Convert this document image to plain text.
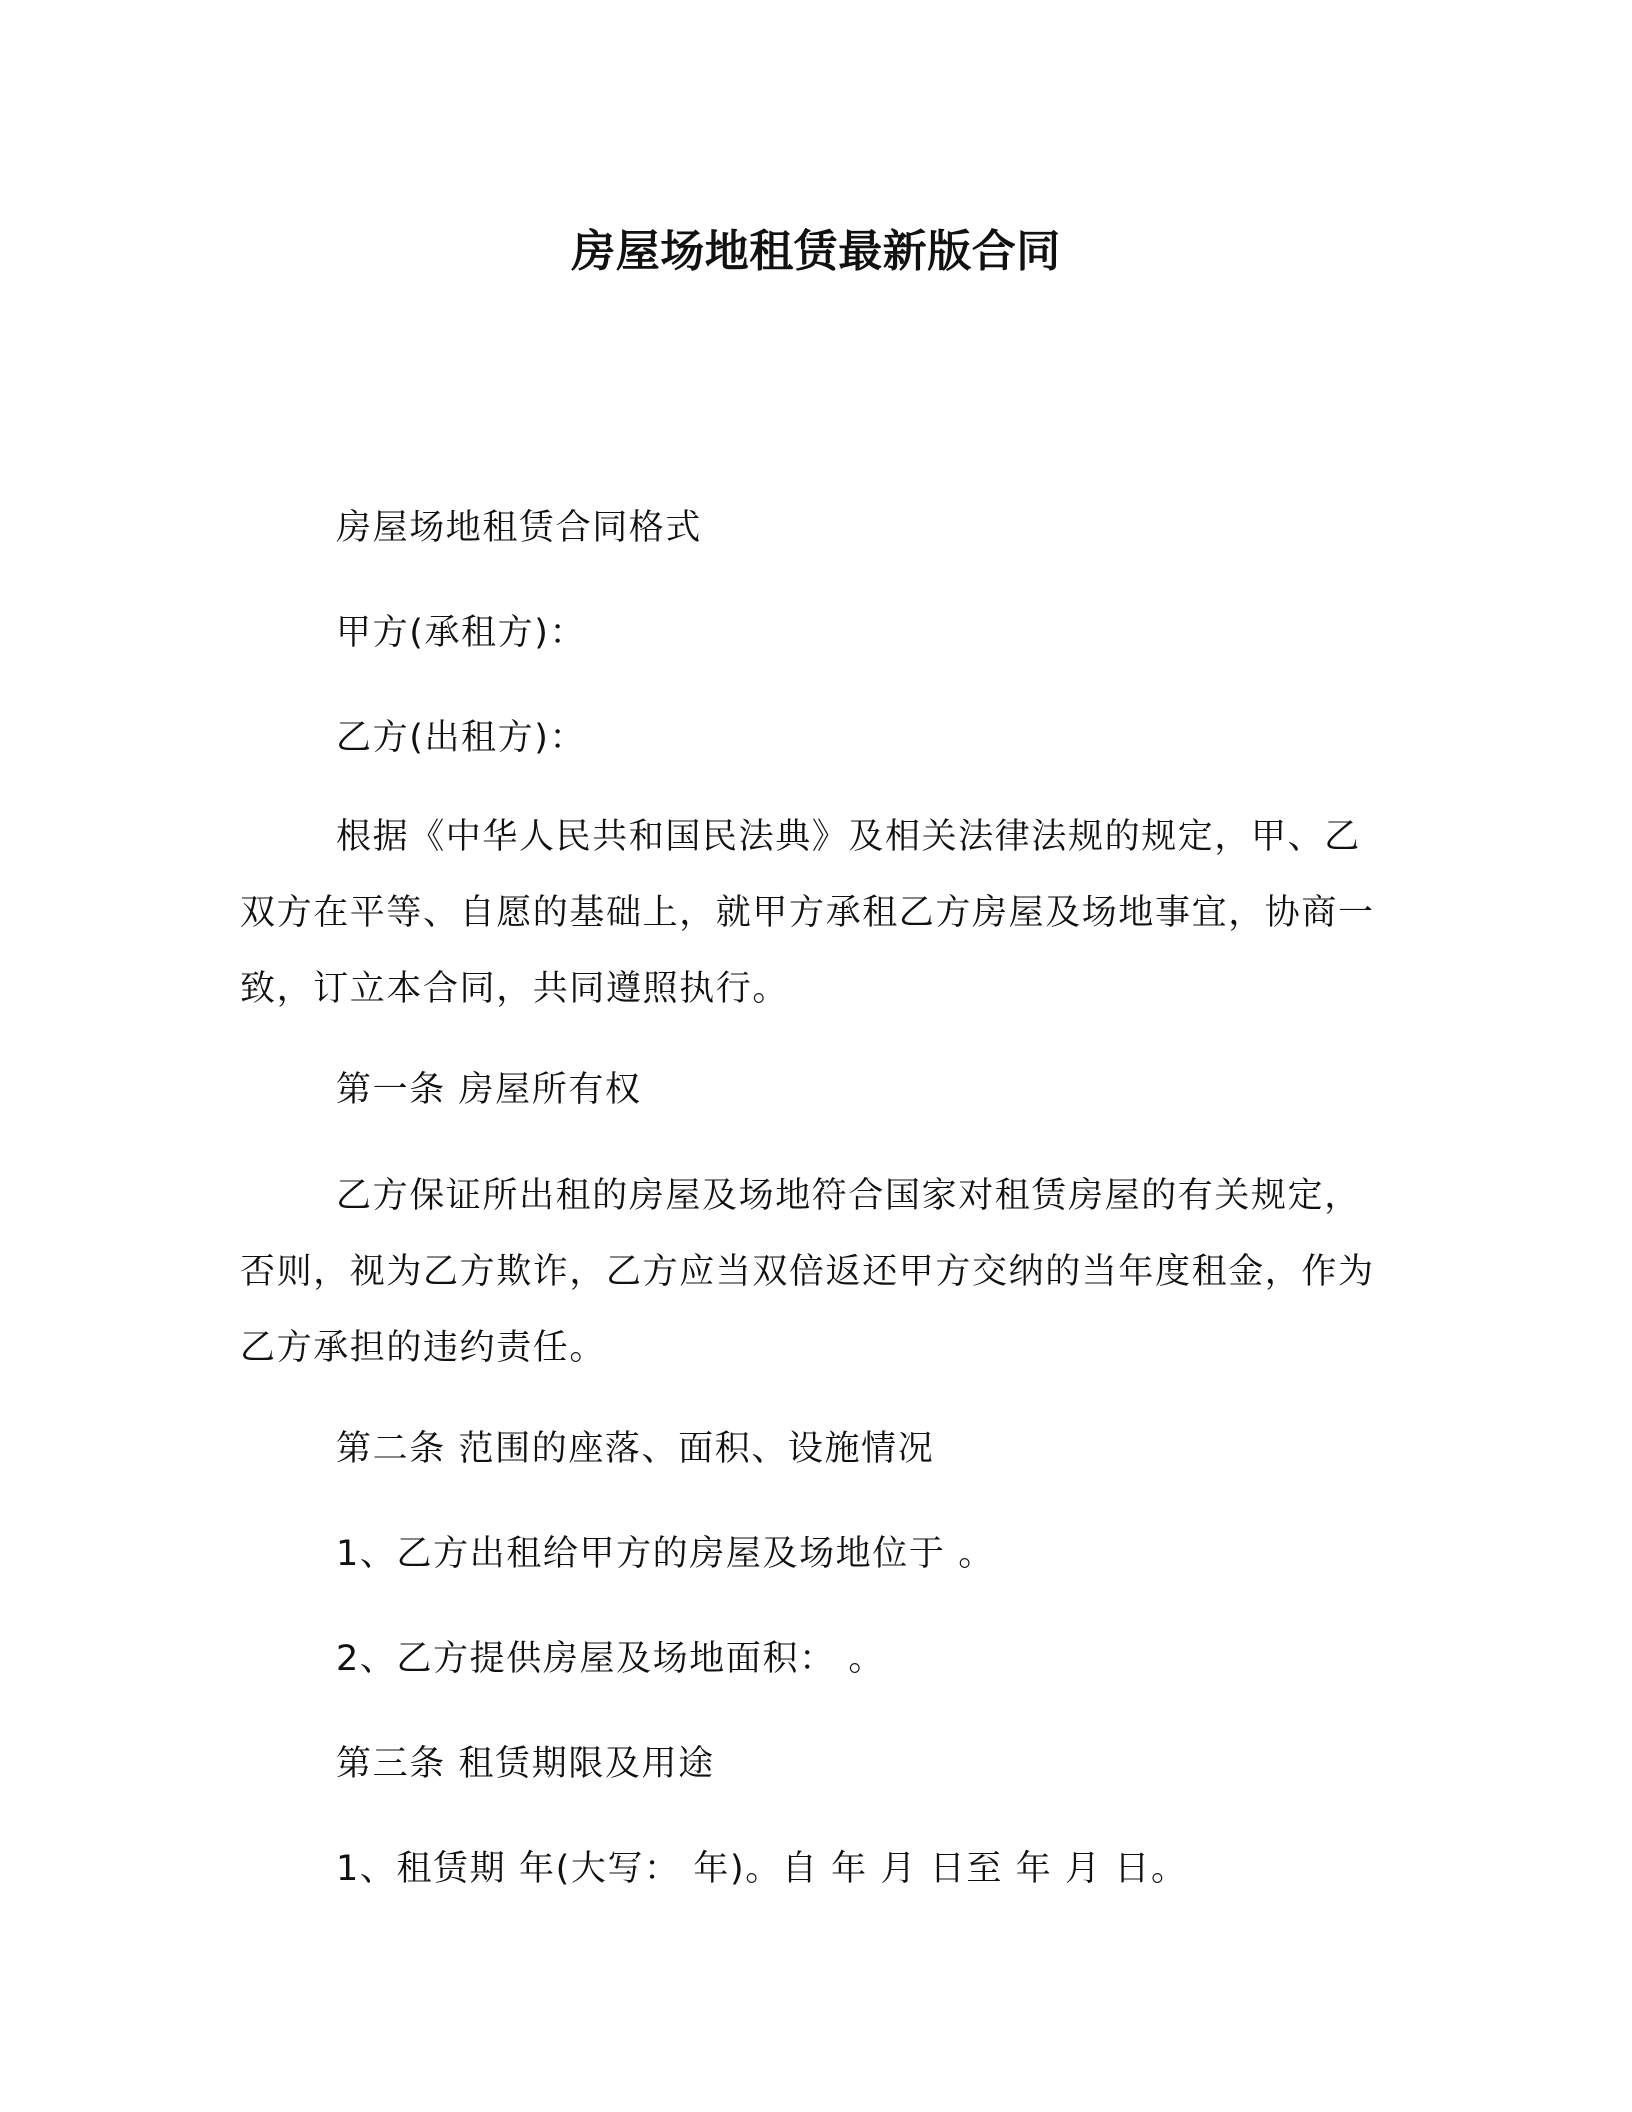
房屋场地租赁最新版合同

房屋场地租赁合同格式

甲方(承租方)：

乙方(出租方)：

根据《中华人民共和国民法典》及相关法律法规的规定，甲、乙双方在平等、自愿的基础上，就甲方承租乙方房屋及场地事宜，协商一致，订立本合同，共同遵照执行。

第一条 房屋所有权

乙方保证所出租的房屋及场地符合国家对租赁房屋的有关规定，否则，视为乙方欺诈，乙方应当双倍返还甲方交纳的当年度租金，作为乙方承担的违约责任。

第二条 范围的座落、面积、设施情况

1、乙方出租给甲方的房屋及场地位于 。

2、乙方提供房屋及场地面积： 。

第三条 租赁期限及用途

1、租赁期 年(大写： 年)。自 年 月 日至 年 月 日。
